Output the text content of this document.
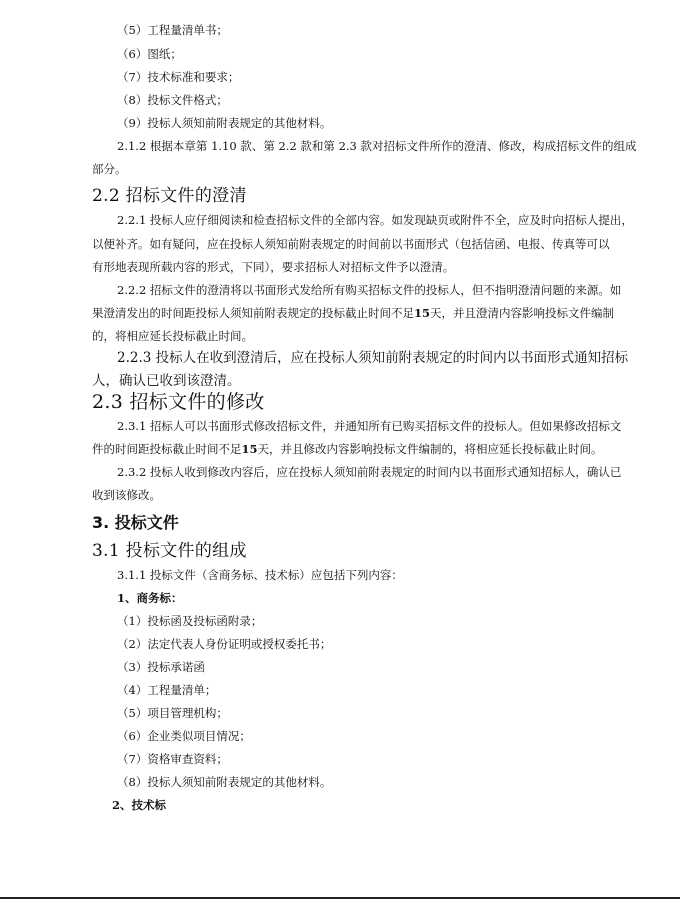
（5）工程量清单书；
（6）图纸；
（7）技术标准和要求；
（8）投标文件格式；
（9）投标人须知前附表规定的其他材料。
2.1.2 根据本章第 1.10 款、第 2.2 款和第 2.3 款对招标文件所作的澄清、修改，构成招标文件的组成
部分。
2.2 招标文件的澄清
2.2.1 投标人应仔细阅读和检查招标文件的全部内容。如发现缺页或附件不全，应及时向招标人提出，
以便补齐。如有疑问，应在投标人须知前附表规定的时间前以书面形式（包括信函、电报、传真等可以
有形地表现所载内容的形式，下同），要求招标人对招标文件予以澄清。
2.2.2 招标文件的澄清将以书面形式发给所有购买招标文件的投标人，但不指明澄清问题的来源。如
果澄清发出的时间距投标人须知前附表规定的投标截止时间不足15天，并且澄清内容影响投标文件编制
的，将相应延长投标截止时间。
2.2.3 投标人在收到澄清后，应在投标人须知前附表规定的时间内以书面形式通知招标
人，确认已收到该澄清。
2.3 招标文件的修改
2.3.1 招标人可以书面形式修改招标文件，并通知所有已购买招标文件的投标人。但如果修改招标文
件的时间距投标截止时间不足15天，并且修改内容影响投标文件编制的，将相应延长投标截止时间。
2.3.2 投标人收到修改内容后，应在投标人须知前附表规定的时间内以书面形式通知招标人，确认已
收到该修改。
3. 投标文件
3.1 投标文件的组成
3.1.1 投标文件（含商务标、技术标）应包括下列内容：
1、商务标：
（1）投标函及投标函附录；
（2）法定代表人身份证明或授权委托书；
（3）投标承诺函
（4）工程量清单；
（5）项目管理机构；
（6）企业类似项目情况；
（7）资格审查资料；
（8）投标人须知前附表规定的其他材料。
2、技术标
